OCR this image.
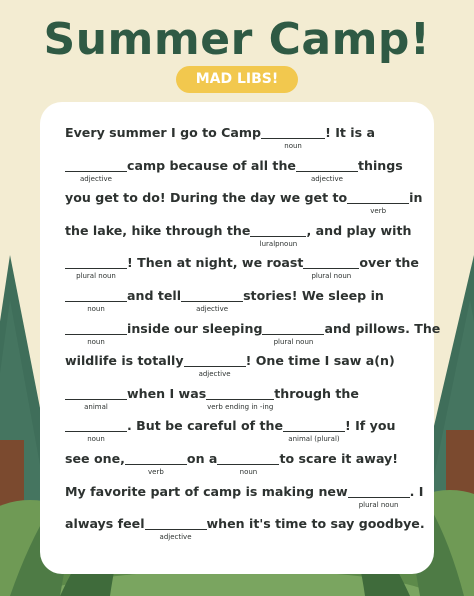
Summer Camp!
MAD LIBS!
Every summer I go to Camp
noun
! It is a
adjective
camp because of all the
adjective
things
you get to do! During the day we get to
verb
in
the lake, hike through the
luralpnoun
, and play with
plural noun
! Then at night, we roast
plural noun
over the
noun
and tell
adjective
stories! We sleep in
noun
inside our sleeping
plural noun
and pillows. The
wildlife is totally
adjective
! One time I saw a(n)
animal
when I was
verb ending in -ing
through the
noun
. But be careful of the
animal (plural)
! If you
see one,
verb
on a
noun
to scare it away!
My favorite part of camp is making new
plural noun
. I
always feel
adjective
when it's time to say goodbye.
